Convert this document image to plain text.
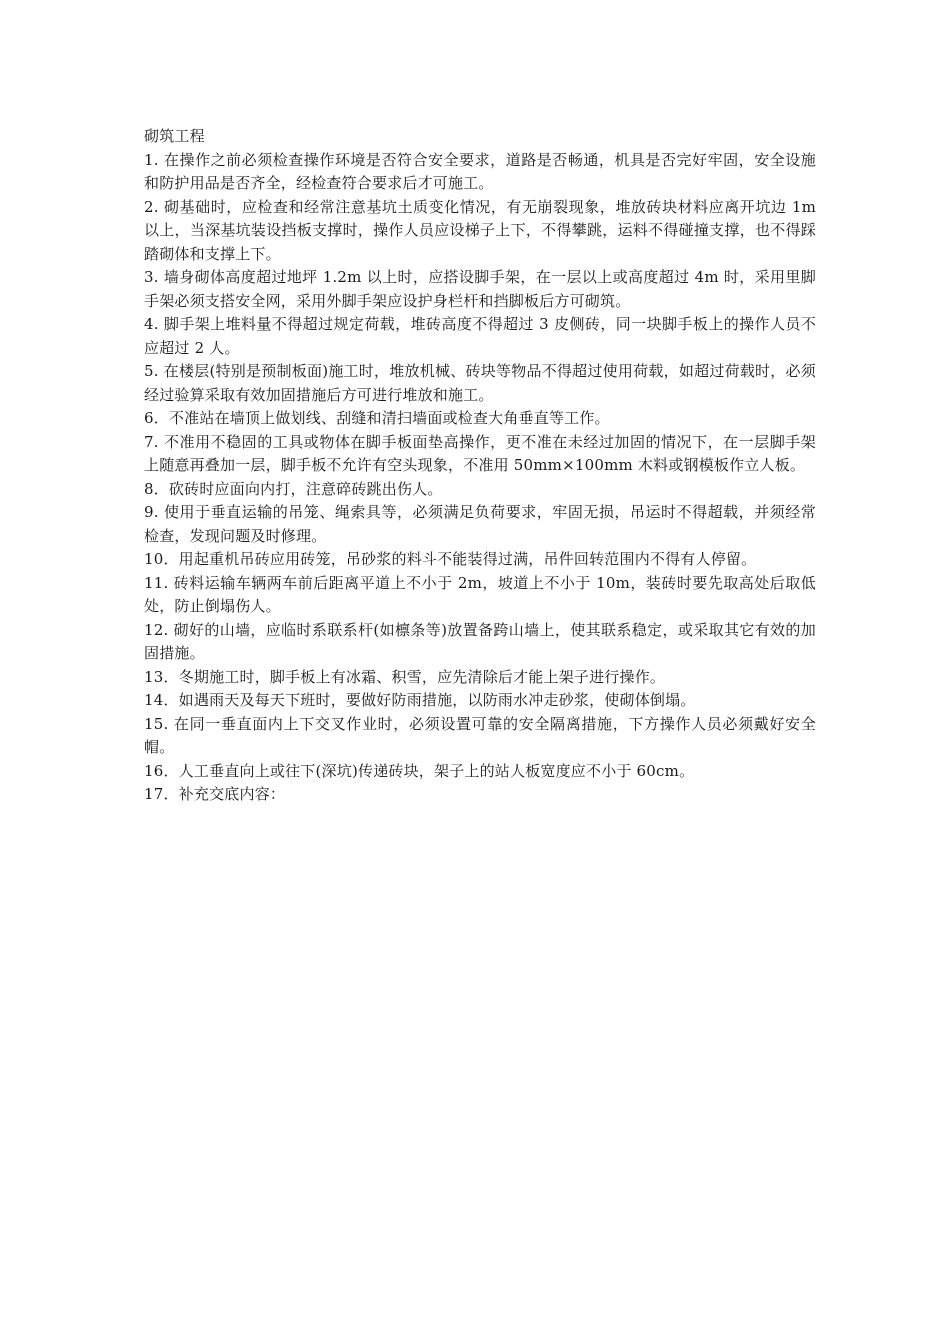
砌筑工程

1. 在操作之前必须检查操作环境是否符合安全要求，道路是否畅通，机具是否完好牢固，安全设施和防护用品是否齐全，经检查符合要求后才可施工。

2. 砌基础时，应检查和经常注意基坑土质变化情况，有无崩裂现象，堆放砖块材料应离开坑边 1m 以上，当深基坑装设挡板支撑时，操作人员应设梯子上下，不得攀跳，运料不得碰撞支撑，也不得踩踏砌体和支撑上下。

3. 墙身砌体高度超过地坪 1.2m 以上时，应搭设脚手架，在一层以上或高度超过 4m 时，采用里脚手架必须支搭安全网，采用外脚手架应设护身栏杆和挡脚板后方可砌筑。

4. 脚手架上堆料量不得超过规定荷载，堆砖高度不得超过 3 皮侧砖，同一块脚手板上的操作人员不应超过 2 人。

5. 在楼层(特别是预制板面)施工时，堆放机械、砖块等物品不得超过使用荷载，如超过荷载时，必须经过验算采取有效加固措施后方可进行堆放和施工。

6．不准站在墙顶上做划线、刮缝和清扫墙面或检查大角垂直等工作。

7. 不准用不稳固的工具或物体在脚手板面垫高操作，更不准在未经过加固的情况下，在一层脚手架上随意再叠加一层，脚手板不允许有空头现象，不准用 50mm×100mm 木料或钢模板作立人板。

8．砍砖时应面向内打，注意碎砖跳出伤人。

9. 使用于垂直运输的吊笼、绳索具等，必须满足负荷要求，牢固无损，吊运时不得超载，并须经常检查，发现问题及时修理。

10．用起重机吊砖应用砖笼，吊砂浆的料斗不能装得过满，吊件回转范围内不得有人停留。

11. 砖料运输车辆两车前后距离平道上不小于 2m，坡道上不小于 10m，装砖时要先取高处后取低处，防止倒塌伤人。

12. 砌好的山墙，应临时系联系杆(如檩条等)放置备跨山墙上，使其联系稳定，或采取其它有效的加固措施。

13．冬期施工时，脚手板上有冰霜、积雪，应先清除后才能上架子进行操作。

14．如遇雨天及每天下班时，要做好防雨措施，以防雨水冲走砂浆，使砌体倒塌。

15. 在同一垂直面内上下交叉作业时，必须设置可靠的安全隔离措施，下方操作人员必须戴好安全帽。

16．人工垂直向上或往下(深坑)传递砖块，架子上的站人板宽度应不小于 60cm。

17．补充交底内容：
